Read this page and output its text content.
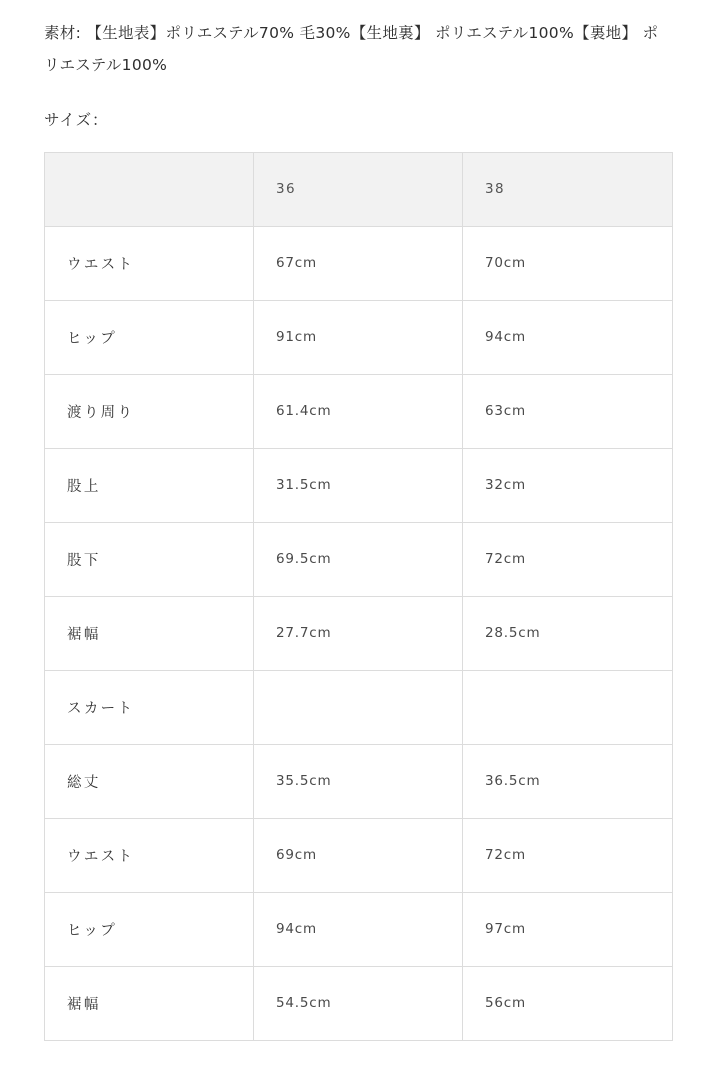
素材: 【生地表】ポリエステル70% 毛30%【生地裏】 ポリエステル100%【裏地】 ポリエステル100%

サイズ：

	36	38
ウエスト	67cm	70cm
ヒップ	91cm	94cm
渡り周り	61.4cm	63cm
股上	31.5cm	32cm
股下	69.5cm	72cm
裾幅	27.7cm	28.5cm
スカート		
総丈	35.5cm	36.5cm
ウエスト	69cm	72cm
ヒップ	94cm	97cm
裾幅	54.5cm	56cm
